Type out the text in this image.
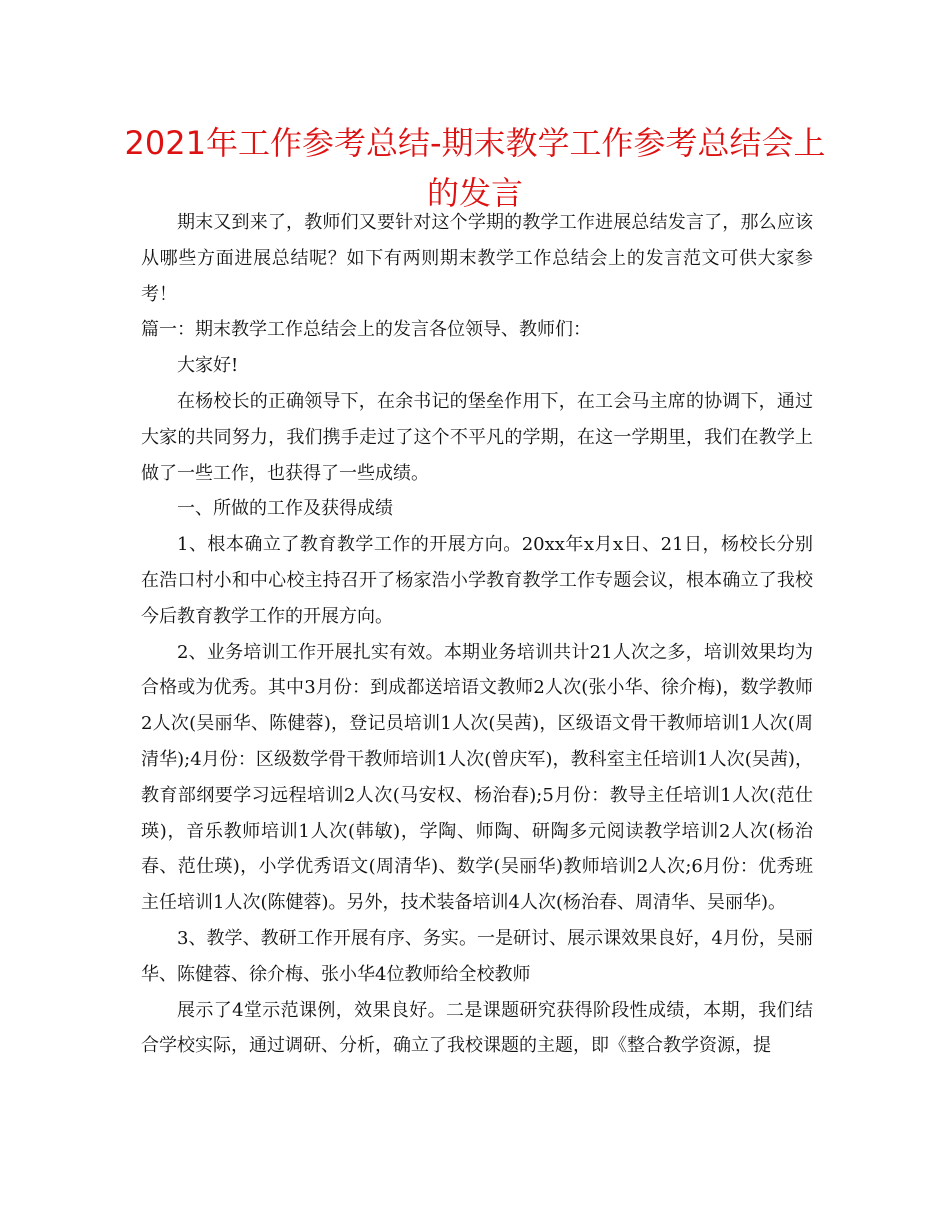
2021年工作参考总结-期末教学工作参考总结会上的发言

期末又到来了，教师们又要针对这个学期的教学工作进展总结发言了，那么应该从哪些方面进展总结呢？如下有两则期末教学工作总结会上的发言范文可供大家参考！

篇一：期末教学工作总结会上的发言各位领导、教师们：

大家好!

在杨校长的正确领导下，在余书记的堡垒作用下，在工会马主席的协调下，通过大家的共同努力，我们携手走过了这个不平凡的学期，在这一学期里，我们在教学上做了一些工作，也获得了一些成绩。

一、所做的工作及获得成绩

1、根本确立了教育教学工作的开展方向。20xx年x月x日、21日，杨校长分别在浩口村小和中心校主持召开了杨家浩小学教育教学工作专题会议，根本确立了我校今后教育教学工作的开展方向。

2、业务培训工作开展扎实有效。本期业务培训共计21人次之多，培训效果均为合格或为优秀。其中3月份：到成都送培语文教师2人次(张小华、徐介梅)，数学教师2人次(吴丽华、陈健蓉)，登记员培训1人次(吴茜)，区级语文骨干教师培训1人次(周清华);4月份：区级数学骨干教师培训1人次(曾庆军)，教科室主任培训1人次(吴茜)，教育部纲要学习远程培训2人次(马安权、杨治春);5月份：教导主任培训1人次(范仕瑛)，音乐教师培训1人次(韩敏)，学陶、师陶、研陶多元阅读教学培训2人次(杨治春、范仕瑛)，小学优秀语文(周清华)、数学(吴丽华)教师培训2人次;6月份：优秀班主任培训1人次(陈健蓉)。另外，技术装备培训4人次(杨治春、周清华、吴丽华)。

3、教学、教研工作开展有序、务实。一是研讨、展示课效果良好，4月份，吴丽华、陈健蓉、徐介梅、张小华4位教师给全校教师

展示了4堂示范课例，效果良好。二是课题研究获得阶段性成绩，本期，我们结合学校实际，通过调研、分析，确立了我校课题的主题，即《整合教学资源，提
